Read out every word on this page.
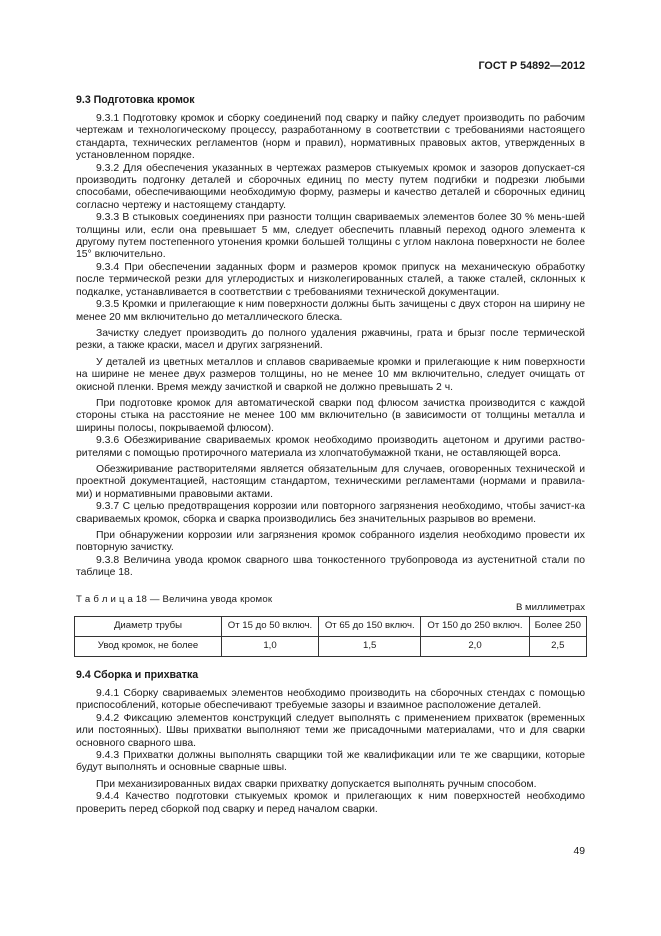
ГОСТ Р 54892—2012
9.3 Подготовка кромок

9.3.1 Подготовку кромок и сборку соединений под сварку и пайку следует производить по рабочим чертежам и технологическому процессу, разработанному в соответствии с требованиями настоящего стандарта, технических регламентов (норм и правил), нормативных правовых актов, утвержденных в установленном порядке.

9.3.2 Для обеспечения указанных в чертежах размеров стыкуемых кромок и зазоров допускает-ся производить подгонку деталей и сборочных единиц по месту путем подгибки и подрезки любыми способами, обеспечивающими необходимую форму, размеры и качество деталей и сборочных единиц согласно чертежу и настоящему стандарту.

9.3.3 В стыковых соединениях при разности толщин свариваемых элементов более 30 % мень-шей толщины или, если она превышает 5 мм, следует обеспечить плавный переход одного элемента к другому путем постепенного утонения кромки большей толщины с углом наклона поверхности не более 15° включительно.

9.3.4 При обеспечении заданных форм и размеров кромок припуск на механическую обработку после термической резки для углеродистых и низколегированных сталей, а также сталей, склонных к подкалке, устанавливается в соответствии с требованиями технической документации.

9.3.5 Кромки и прилегающие к ним поверхности должны быть зачищены с двух сторон на ширину не менее 20 мм включительно до металлического блеска.

Зачистку следует производить до полного удаления ржавчины, грата и брызг после термической резки, а также краски, масел и других загрязнений.

У деталей из цветных металлов и сплавов свариваемые кромки и прилегающие к ним поверхности на ширине не менее двух размеров толщины, но не менее 10 мм включительно, следует очищать от окисной пленки. Время между зачисткой и сваркой не должно превышать 2 ч.

При подготовке кромок для автоматической сварки под флюсом зачистка производится с каждой стороны стыка на расстояние не менее 100 мм включительно (в зависимости от толщины металла и ширины полосы, покрываемой флюсом).

9.3.6 Обезжиривание свариваемых кромок необходимо производить ацетоном и другими раство-рителями с помощью протирочного материала из хлопчатобумажной ткани, не оставляющей ворса.

Обезжиривание растворителями является обязательным для случаев, оговоренных технической и проектной документацией, настоящим стандартом, техническими регламентами (нормами и правила-ми) и нормативными правовыми актами.

9.3.7 С целью предотвращения коррозии или повторного загрязнения необходимо, чтобы зачист-ка свариваемых кромок, сборка и сварка производились без значительных разрывов во времени.

При обнаружении коррозии или загрязнения кромок собранного изделия необходимо провести их повторную зачистку.

9.3.8 Величина увода кромок сварного шва тонкостенного трубопровода из аустенитной стали по таблице 18.

Т а б л и ц а 18 — Величина увода кромок
В миллиметрах
Диаметр трубы	От 15 до 50 включ.	От 65 до 150 включ.	От 150 до 250 включ.	Более 250
Увод кромок, не более	1,0	1,5	2,0	2,5
9.4 Сборка и прихватка

9.4.1 Сборку свариваемых элементов необходимо производить на сборочных стендах с помощью приспособлений, которые обеспечивают требуемые зазоры и взаимное расположение деталей.

9.4.2 Фиксацию элементов конструкций следует выполнять с применением прихваток (временных или постоянных). Швы прихватки выполняют теми же присадочными материалами, что и для сварки основного сварного шва.

9.4.3 Прихватки должны выполнять сварщики той же квалификации или те же сварщики, которые будут выполнять и основные сварные швы.

При механизированных видах сварки прихватку допускается выполнять ручным способом.

9.4.4 Качество подготовки стыкуемых кромок и прилегающих к ним поверхностей необходимо проверить перед сборкой под сварку и перед началом сварки.

49
